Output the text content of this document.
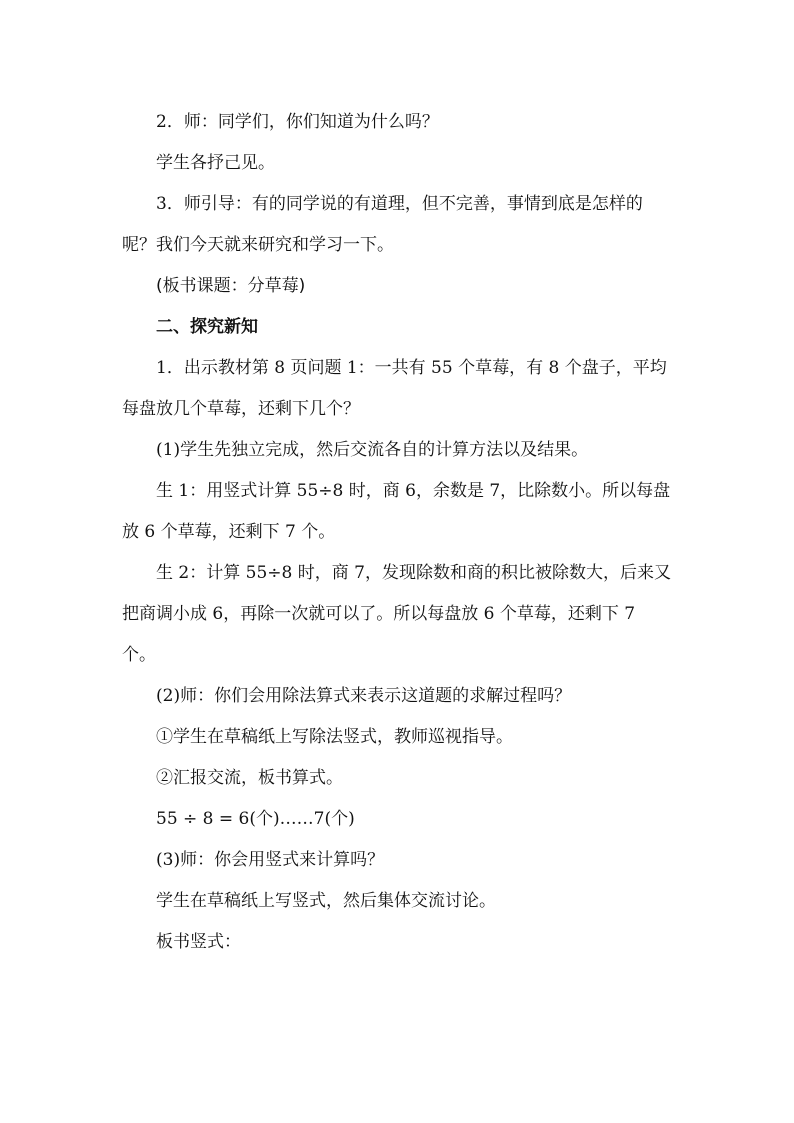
2．师：同学们，你们知道为什么吗？

学生各抒己见。

3．师引导：有的同学说的有道理，但不完善，事情到底是怎样的呢？我们今天就来研究和学习一下。

(板书课题：分草莓)

二、探究新知

1．出示教材第 8 页问题 1：一共有 55 个草莓，有 8 个盘子，平均每盘放几个草莓，还剩下几个？

(1)学生先独立完成，然后交流各自的计算方法以及结果。

生 1：用竖式计算 55÷8 时，商 6，余数是 7，比除数小。所以每盘放 6 个草莓，还剩下 7 个。

生 2：计算 55÷8 时，商 7，发现除数和商的积比被除数大，后来又把商调小成 6，再除一次就可以了。所以每盘放 6 个草莓，还剩下 7 个。

(2)师：你们会用除法算式来表示这道题的求解过程吗？

①学生在草稿纸上写除法竖式，教师巡视指导。

②汇报交流，板书算式。

55 ÷ 8 = 6(个)……7(个)

(3)师：你会用竖式来计算吗？

学生在草稿纸上写竖式，然后集体交流讨论。

板书竖式：
